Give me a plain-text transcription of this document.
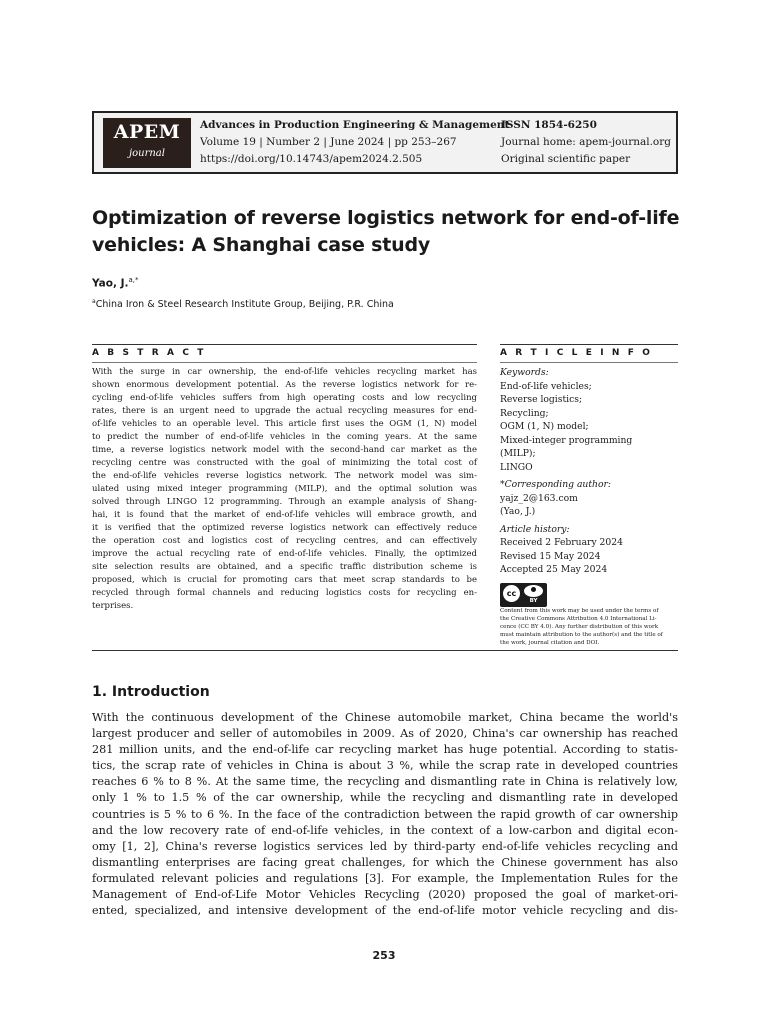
APEM
journal
Advances in Production Engineering & Management
Volume 19 | Number 2 | June 2024 | pp 253–267
https://doi.org/10.14743/apem2024.2.505
ISSN 1854-6250
Journal home: apem-journal.org
Original scientific paper
Optimization of reverse logistics network for end-of-life
vehicles: A Shanghai case study
Yao, J.$^{a,*}$
$^a$China Iron & Steel Research Institute Group, Beijing, P.R. China
A B S T R A C T	A R T I C L E I N F O
With the surge in car ownership, the end-of-life vehicles recycling market has
shown enormous development potential. As the reverse logistics network for re-
cycling end-of-life vehicles suffers from high operating costs and low recycling
rates, there is an urgent need to upgrade the actual recycling measures for end-
of-life vehicles to an operable level. This article first uses the OGM (1, N) model
to predict the number of end-of-life vehicles in the coming years. At the same
time, a reverse logistics network model with the second-hand car market as the
recycling centre was constructed with the goal of minimizing the total cost of
the end-of-life vehicles reverse logistics network. The network model was sim-
ulated using mixed integer programming (MILP), and the optimal solution was
solved through LINGO 12 programming. Through an example analysis of Shang-
hai, it is found that the market of end-of-life vehicles will embrace growth, and
it is verified that the optimized reverse logistics network can effectively reduce
the operation cost and logistics cost of recycling centres, and can effectively
improve the actual recycling rate of end-of-life vehicles. Finally, the optimized
site selection results are obtained, and a specific traffic distribution scheme is
proposed, which is crucial for promoting cars that meet scrap standards to be
recycled through formal channels and reducing logistics costs for recycling en-
terprises.
Keywords:
End-of-life vehicles;
Reverse logistics;
Recycling;
OGM (1, N) model;
Mixed-integer programming
(MILP);
LINGO
*Corresponding author:
yajz_2@163.com
(Yao, J.)
Article history:
Received 2 February 2024
Revised 15 May 2024
Accepted 25 May 2024
cc
BY
Content from this work may be used under the terms of
the Creative Commons Attribution 4.0 International Li-
cence (CC BY 4.0). Any further distribution of this work
must maintain attribution to the author(s) and the title of
the work, journal citation and DOI.
1. Introduction
With the continuous development of the Chinese automobile market, China became the world's
largest producer and seller of automobiles in 2009. As of 2020, China's car ownership has reached
281 million units, and the end-of-life car recycling market has huge potential. According to statis-
tics, the scrap rate of vehicles in China is about 3 %, while the scrap rate in developed countries
reaches 6 % to 8 %. At the same time, the recycling and dismantling rate in China is relatively low,
only 1 % to 1.5 % of the car ownership, while the recycling and dismantling rate in developed
countries is 5 % to 6 %. In the face of the contradiction between the rapid growth of car ownership
and the low recovery rate of end-of-life vehicles, in the context of a low-carbon and digital econ-
omy [1, 2], China's reverse logistics services led by third-party end-of-life vehicles recycling and
dismantling enterprises are facing great challenges, for which the Chinese government has also
formulated relevant policies and regulations [3]. For example, the Implementation Rules for the
Management of End-of-Life Motor Vehicles Recycling (2020) proposed the goal of market-ori-
ented, specialized, and intensive development of the end-of-life motor vehicle recycling and dis-
253
